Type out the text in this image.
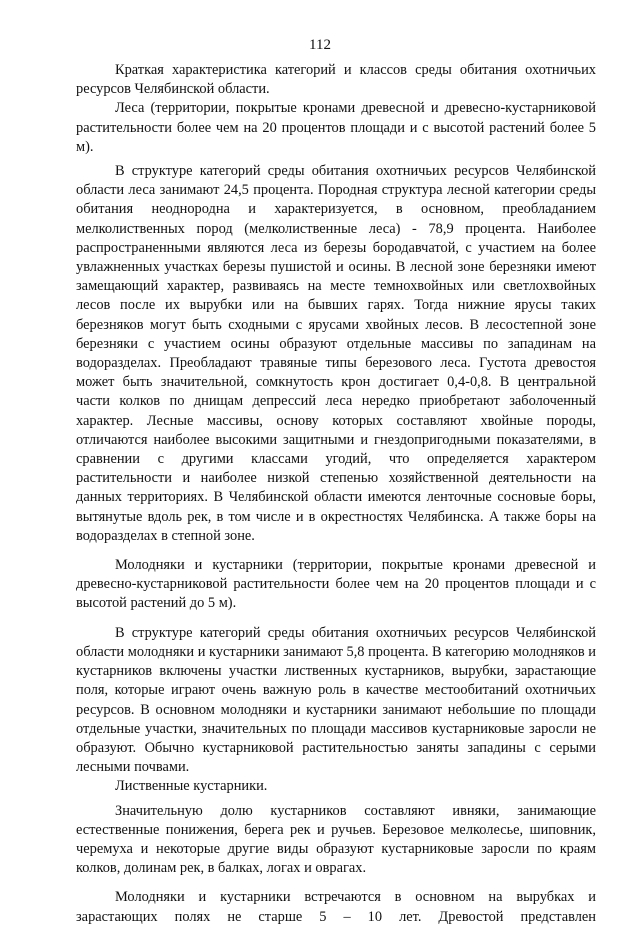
112

Краткая характеристика категорий и классов среды обитания охотничьих ресурсов Челябинской области.

Леса (территории, покрытые кронами древесной и древесно-кустарниковой растительности более чем на 20 процентов площади и с высотой растений более 5 м).

В структуре категорий среды обитания охотничьих ресурсов Челябинской области леса занимают 24,5 процента. Породная структура лесной категории среды обитания неоднородна и характеризуется, в основном, преобладанием мелколиственных пород (мелколиственные леса) - 78,9 процента. Наиболее распространенными являются леса из березы бородавчатой, с участием на более увлажненных участках березы пушистой и осины. В лесной зоне березняки имеют замещающий характер, развиваясь на месте темнохвойных или светлохвойных лесов после их вырубки или на бывших гарях. Тогда нижние ярусы таких березняков могут быть сходными с ярусами хвойных лесов. В лесостепной зоне березняки с участием осины образуют отдельные массивы по западинам на водоразделах. Преобладают травяные типы березового леса. Густота древостоя может быть значительной, сомкнутость крон достигает 0,4-0,8. В центральной части колков по днищам депрессий леса нередко приобретают заболоченный характер. Лесные массивы, основу которых составляют хвойные породы, отличаются наиболее высокими защитными и гнездопригодными показателями, в сравнении с другими классами угодий, что определяется характером растительности и наиболее низкой степенью хозяйственной деятельности на данных территориях. В Челябинской области имеются ленточные сосновые боры, вытянутые вдоль рек, в том числе и в окрестностях Челябинска. А также боры на водоразделах в степной зоне.

Молодняки и кустарники (территории, покрытые кронами древесной и древесно-кустарниковой растительности более чем на 20 процентов площади и с высотой растений до 5 м).

В структуре категорий среды обитания охотничьих ресурсов Челябинской области молодняки и кустарники занимают 5,8 процента. В категорию молодняков и кустарников включены участки лиственных кустарников, вырубки, зарастающие поля, которые играют очень важную роль в качестве местообитаний охотничьих ресурсов. В основном молодняки и кустарники занимают небольшие по площади отдельные участки, значительных по площади массивов кустарниковые заросли не образуют. Обычно кустарниковой растительностью заняты западины с серыми лесными почвами.

Лиственные кустарники.

Значительную долю кустарников составляют ивняки, занимающие естественные понижения, берега рек и ручьев. Березовое мелколесье, шиповник, черемуха и некоторые другие виды образуют кустарниковые заросли по краям колков, долинам рек, в балках, логах и оврагах.

Молодняки и кустарники встречаются в основном на вырубках и зарастающих полях не старше 5 – 10 лет. Древостой представлен
